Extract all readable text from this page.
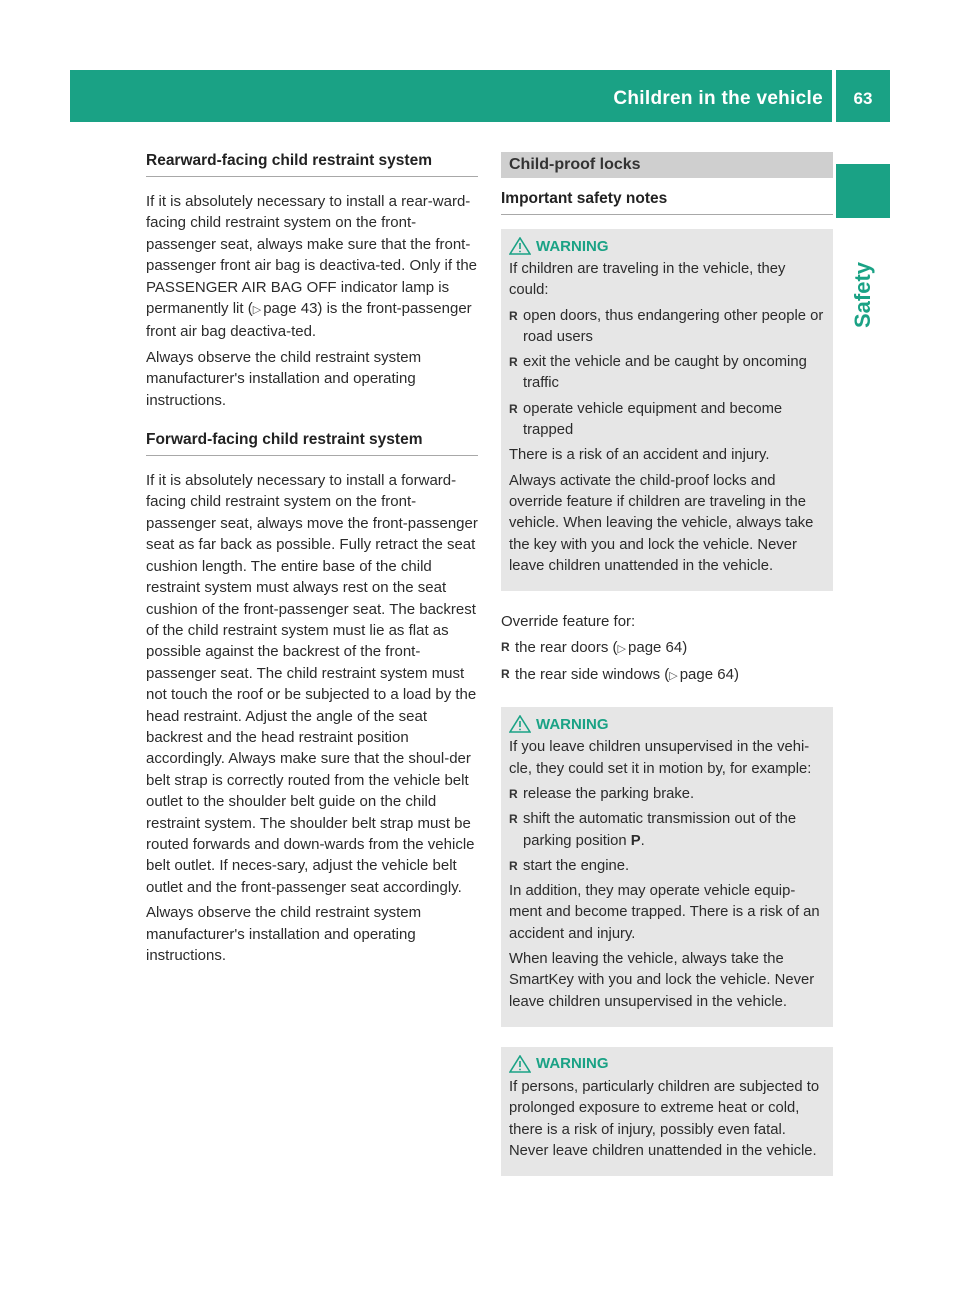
Children in the vehicle	63
Safety
Rearward-facing child restraint system

If it is absolutely necessary to install a rear-ward-facing child restraint system on the front-passenger seat, always make sure that the front-passenger front air bag is deactiva-ted. Only if the PASSENGER AIR BAG OFF indicator lamp is permanently lit (▷ page 43) is the front-passenger front air bag deactiva-ted.

Always observe the child restraint system manufacturer's installation and operating instructions.

Forward-facing child restraint system

If it is absolutely necessary to install a forward-facing child restraint system on the front-passenger seat, always move the front-passenger seat as far back as possible. Fully retract the seat cushion length. The entire base of the child restraint system must always rest on the seat cushion of the front-passenger seat. The backrest of the child restraint system must lie as flat as possible against the backrest of the front-passenger seat. The child restraint system must not touch the roof or be subjected to a load by the head restraint. Adjust the angle of the seat backrest and the head restraint position accordingly. Always make sure that the shoul-der belt strap is correctly routed from the vehicle belt outlet to the shoulder belt guide on the child restraint system. The shoulder belt strap must be routed forwards and down-wards from the vehicle belt outlet. If neces-sary, adjust the vehicle belt outlet and the front-passenger seat accordingly.

Always observe the child restraint system manufacturer's installation and operating instructions.

Child-proof locks
Important safety notes
WARNING

If children are traveling in the vehicle, they could:

R open doors, thus endangering other people or road users
R exit the vehicle and be caught by oncoming traffic
R operate vehicle equipment and become trapped

There is a risk of an accident and injury.

Always activate the child-proof locks and override feature if children are traveling in the vehicle. When leaving the vehicle, always take the key with you and lock the vehicle. Never leave children unattended in the vehicle.

Override feature for:

R the rear doors (▷ page 64)
R the rear side windows (▷ page 64)
WARNING

If you leave children unsupervised in the vehi-cle, they could set it in motion by, for example:

R release the parking brake.
R shift the automatic transmission out of the parking position P.
R start the engine.

In addition, they may operate vehicle equip-ment and become trapped. There is a risk of an accident and injury.

When leaving the vehicle, always take the SmartKey with you and lock the vehicle. Never leave children unsupervised in the vehicle.

WARNING

If persons, particularly children are subjected to prolonged exposure to extreme heat or cold, there is a risk of injury, possibly even fatal. Never leave children unattended in the vehicle.
